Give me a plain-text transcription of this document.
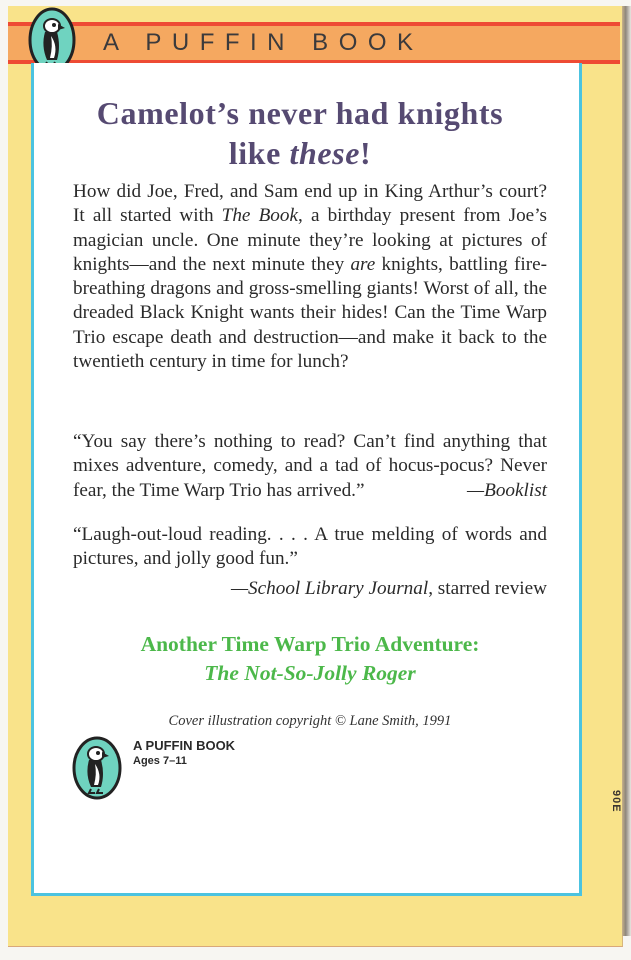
A PUFFIN BOOK
Camelot’s never had knights
like these!
How did Joe, Fred, and Sam end up in King Arthur’s court? It all started with The Book, a birthday present from Joe’s magician uncle. One minute they’re looking at pictures of knights—and the next minute they are knights, battling fire-breathing dragons and gross-smelling giants! Worst of all, the dreaded Black Knight wants their hides! Can the Time Warp Trio escape death and destruction—and make it back to the twentieth century in time for lunch?
“You say there’s nothing to read? Can’t find anything that mixes adventure, comedy, and a tad of hocus-pocus? Never fear, the Time Warp Trio has arrived.”	—Booklist
“Laugh-out-loud reading. . . . A true melding of words and pictures, and jolly good fun.”
—School Library Journal, starred review
Another Time Warp Trio Adventure:
The Not-So-Jolly Roger
Cover illustration copyright © Lane Smith, 1991
A PUFFIN BOOK
Ages 7–11
90E
